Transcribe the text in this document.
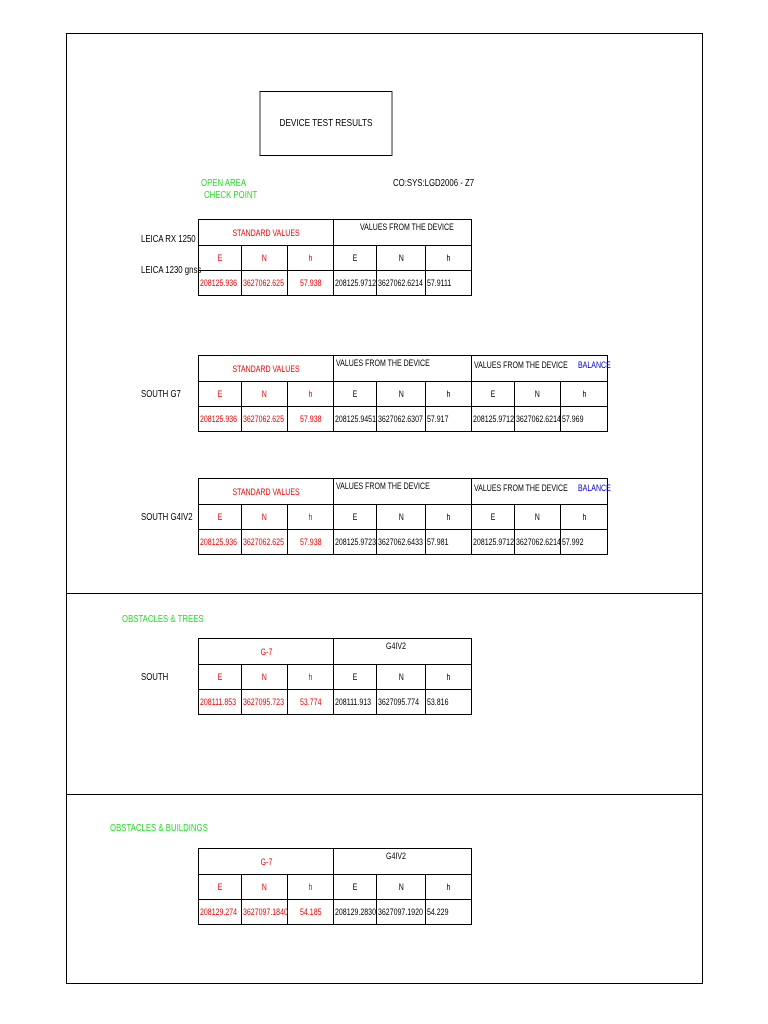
DEVICE TEST RESULTS
OPEN AREA
CHECK POINT
CO:SYS:LGD2006 - Z7
LEICA RX 1250
LEICA 1230 gnss
STANDARD VALUES			VALUES FROM THE DEVICE		
E	N	h	E	N	h
208125.936	3627062.625	57.938	208125.9712	3627062.6214	57.9111
SOUTH G7
STANDARD VALUES			VALUES FROM THE DEVICE			VALUES FROM THE DEVICE BALANCE		
E	N	h	E	N	h	E	N	h
208125.936	3627062.625	57.938	208125.9451	3627062.6307	57.917	208125.9712	3627062.6214	57.969
SOUTH G4IV2
STANDARD VALUES			VALUES FROM THE DEVICE			VALUES FROM THE DEVICE BALANCE		
E	N	h	E	N	h	E	N	h
208125.936	3627062.625	57.938	208125.9723	3627062.6433	57.981	208125.9712	3627062.6214	57.992
OBSTACLES & TREES
SOUTH
G-7			G4IV2		
E	N	h	E	N	h
208111.853	3627095.723	53.774	208111.913	3627095.774	53.816
OBSTACLES & BUILDINGS
G-7			G4IV2		
E	N	h	E	N	h
208129.274	3627097.1840	54.185	208129.2830	3627097.1920	54.229
